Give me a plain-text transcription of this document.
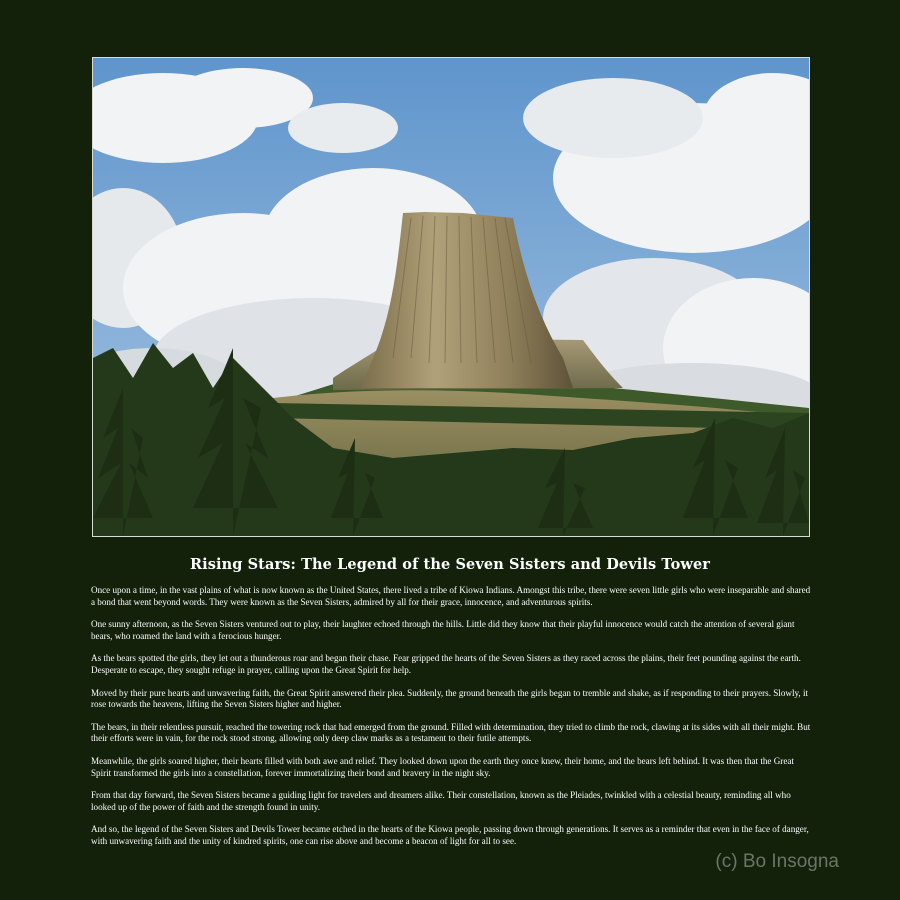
Rising Stars: The Legend of the Seven Sisters and Devils Tower

Once upon a time, in the vast plains of what is now known as the United States, there lived a tribe of Kiowa Indians. Amongst this tribe, there were seven little girls who were inseparable and shared a bond that went beyond words. They were known as the Seven Sisters, admired by all for their grace, innocence, and adventurous spirits.

One sunny afternoon, as the Seven Sisters ventured out to play, their laughter echoed through the hills. Little did they know that their playful innocence would catch the attention of several giant bears, who roamed the land with a ferocious hunger.

As the bears spotted the girls, they let out a thunderous roar and began their chase. Fear gripped the hearts of the Seven Sisters as they raced across the plains, their feet pounding against the earth. Desperate to escape, they sought refuge in prayer, calling upon the Great Spirit for help.

Moved by their pure hearts and unwavering faith, the Great Spirit answered their plea. Suddenly, the ground beneath the girls began to tremble and shake, as if responding to their prayers. Slowly, it rose towards the heavens, lifting the Seven Sisters higher and higher.

The bears, in their relentless pursuit, reached the towering rock that had emerged from the ground. Filled with determination, they tried to climb the rock, clawing at its sides with all their might. But their efforts were in vain, for the rock stood strong, allowing only deep claw marks as a testament to their futile attempts.

Meanwhile, the girls soared higher, their hearts filled with both awe and relief. They looked down upon the earth they once knew, their home, and the bears left behind. It was then that the Great Spirit transformed the girls into a constellation, forever immortalizing their bond and bravery in the night sky.

From that day forward, the Seven Sisters became a guiding light for travelers and dreamers alike. Their constellation, known as the Pleiades, twinkled with a celestial beauty, reminding all who looked up of the power of faith and the strength found in unity.

And so, the legend of the Seven Sisters and Devils Tower became etched in the hearts of the Kiowa people, passing down through generations. It serves as a reminder that even in the face of danger, with unwavering faith and the unity of kindred spirits, one can rise above and become a beacon of light for all to see.

(c) Bo Insogna
